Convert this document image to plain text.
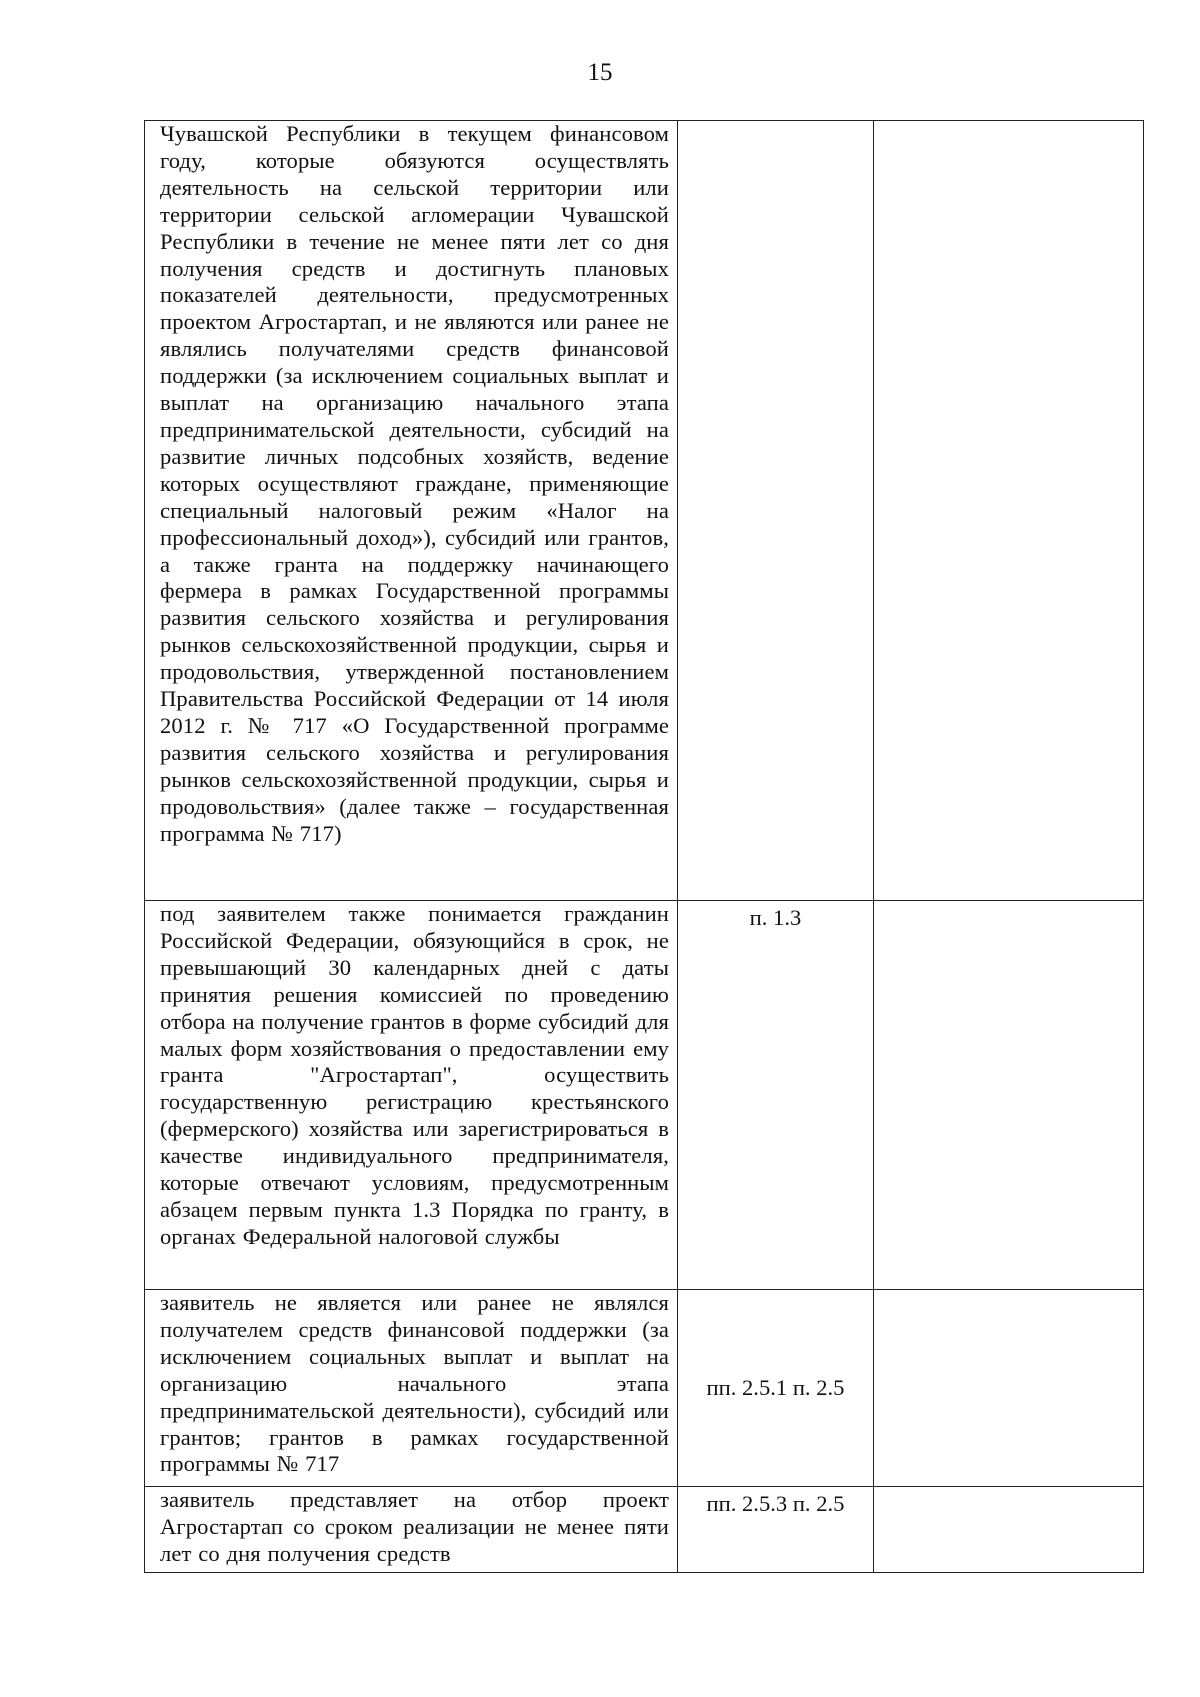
15
Чувашской Республики в текущем финансовом году, которые обязуются осуществлять деятельность на сельской территории или территории сельской агломерации Чувашской Республики в течение не менее пяти лет со дня получения средств и достигнуть плановых показателей деятельности, предусмотренных проектом Агростартап, и не являются или ранее не являлись получателями средств финансовой поддержки (за исключением социальных выплат и выплат на организацию начального этапа предпринимательской деятельности, субсидий на развитие личных подсобных хозяйств, ведение которых осуществляют граждане, применяющие специальный налоговый режим «Налог на профессиональный доход»), субсидий или грантов, а также гранта на поддержку начинающего фермера в рамках Государственной программы развития сельского хозяйства и регулирования рынков сельскохозяйственной продукции, сырья и продовольствия, утвержденной постановлением Правительства Российской Федерации от 14 июля 2012 г. № 717 «О Государственной программе развития сельского хозяйства и регулирования рынков сельскохозяйственной продукции, сырья и продовольствия» (далее также – государственная программа № 717)		

под заявителем также понимается гражданин Российской Федерации, обязующийся в срок, не превышающий 30 календарных дней с даты принятия решения комиссией по проведению отбора на получение грантов в форме субсидий для малых форм хозяйствования о предоставлении ему гранта "Агростартап", осуществить государственную регистрацию крестьянского (фермерского) хозяйства или зарегистрироваться в качестве индивидуального предпринимателя, которые отвечают условиям, предусмотренным абзацем первым пункта 1.3 Порядка по гранту, в органах Федеральной налоговой службы	п. 1.3	

заявитель не является или ранее не являлся получателем средств финансовой поддержки (за исключением социальных выплат и выплат на организацию начального этапа предпринимательской деятельности), субсидий или грантов; грантов в рамках государственной программы № 717	пп. 2.5.1 п. 2.5	

заявитель представляет на отбор проект Агростартап со сроком реализации не менее пяти лет со дня получения средств	пп. 2.5.3 п. 2.5	
